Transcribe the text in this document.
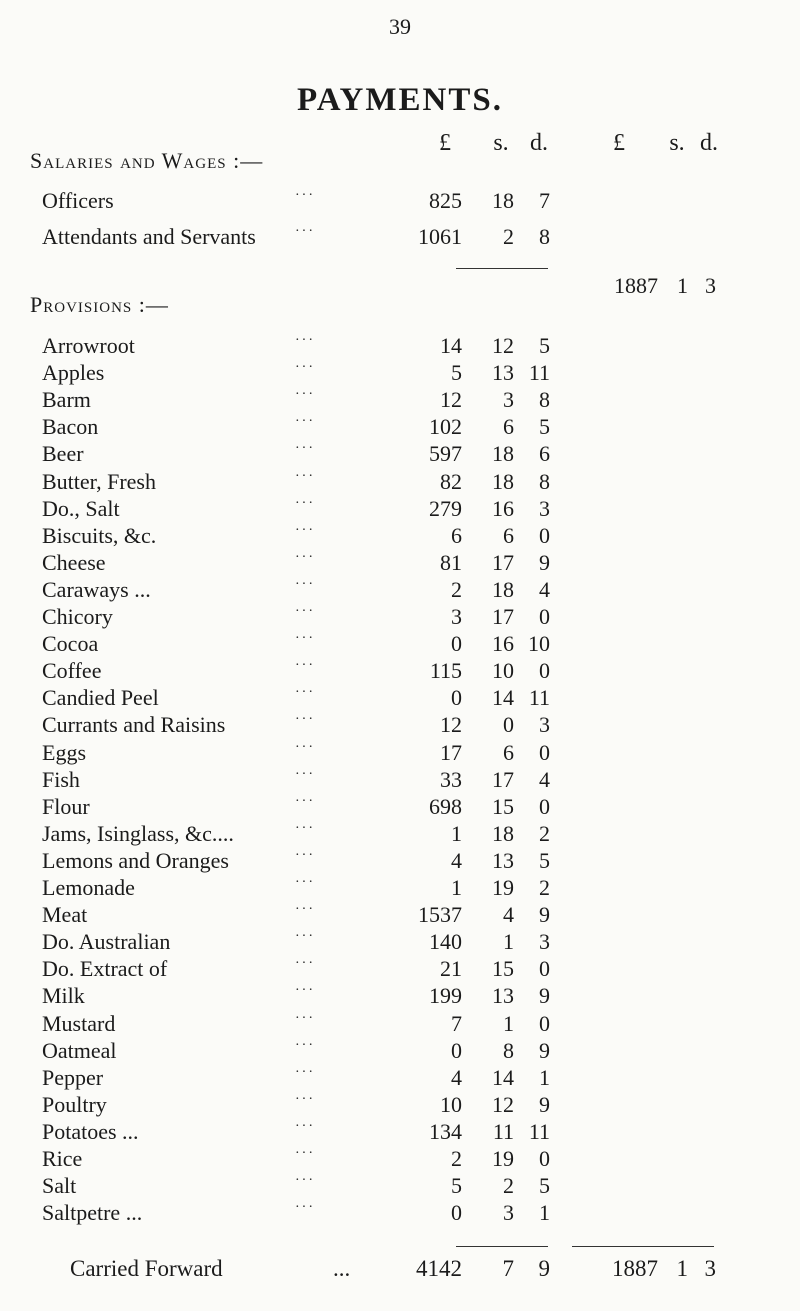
39
PAYMENTS.
£	s. d.	£	s. d.
Salaries and Wages :—
Officers	825	18	7
···
Attendants and Servants	1061	2	8
···
1887 1 3
Provisions :—
Arrowroot	14	12	5
···
Apples	5	13 11
···
Barm	12	3	8
···
Bacon	102	6	5
···
Beer	597	18	6
···
Butter, Fresh	82	18	8
···
Do., Salt	279	16	3
···
Biscuits, &c.	6	6	0
···
Cheese	81	17	9
···
Caraways ...	2	18	4
···
Chicory	3	17	0
···
Cocoa	0	16 10
···
Coffee	115	10	0
···
Candied Peel	0	14 11
···
Currants and Raisins	12	0	3
···
Eggs	17	6	0
···
Fish	33	17	4
···
Flour	698	15	0
···
Jams, Isinglass, &c....	1	18	2
···
Lemons and Oranges	4	13	5
···
Lemonade	1	19	2
···
Meat	1537	4	9
···
Do. Australian	140	1	3
···
Do. Extract of	21	15	0
···
Milk	199	13	9
···
Mustard	7	1	0
···
Oatmeal	0	8	9
···
Pepper	4	14	1
···
Poultry	10	12	9
···
Potatoes ...	134	11 11
···
Rice	2	19	0
···
Salt	5	2	5
···
Saltpetre ...	0	3	1
···
Carried Forward	...	4142	7	9	1887 1 3
